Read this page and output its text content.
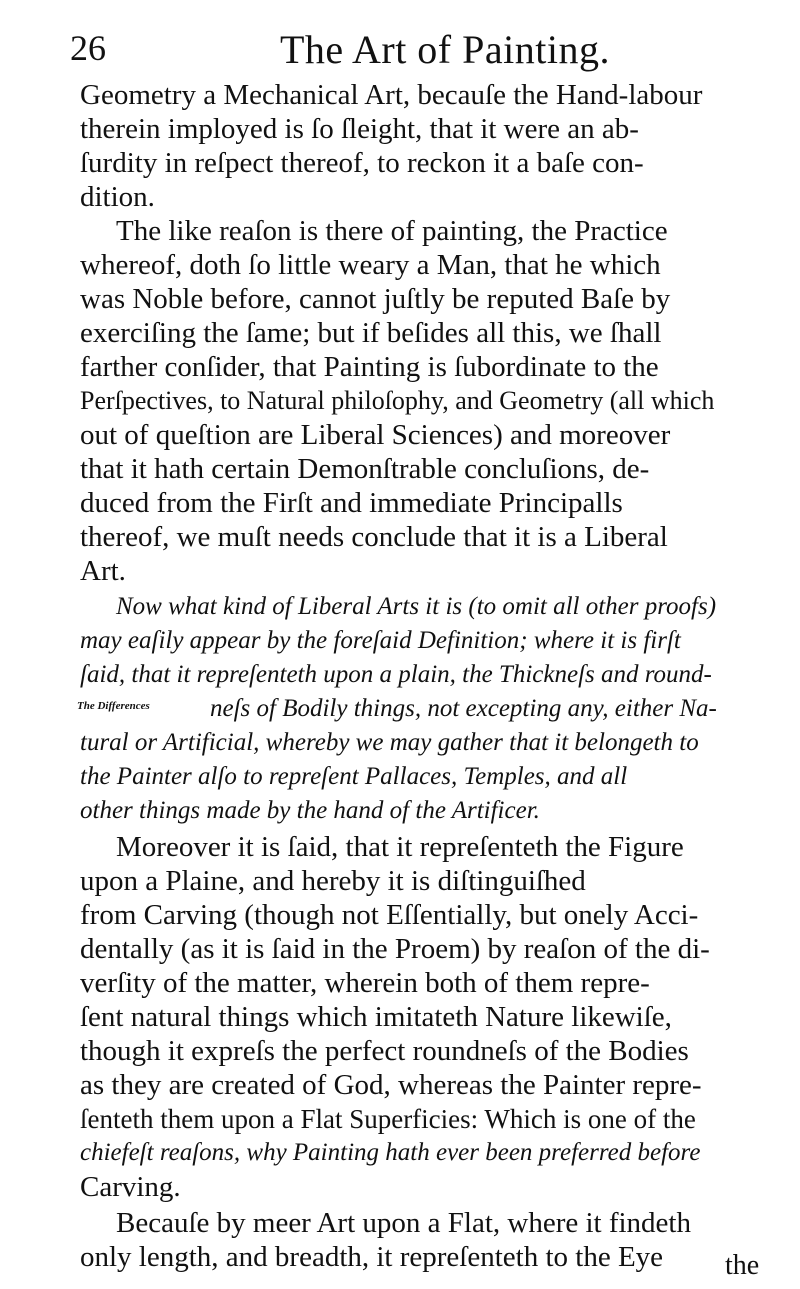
26	The Art of Painting.
Geometry a Mechanical Art, becauſe the Hand-labour
therein imployed is ſo ſleight, that it were an ab-
ſurdity in reſpect thereof, to reckon it a baſe con-
dition.
The like reaſon is there of painting, the Practice
whereof, doth ſo little weary a Man, that he which
was Noble before, cannot juſtly be reputed Baſe by
exerciſing the ſame; but if beſides all this, we ſhall
farther conſider, that Painting is ſubordinate to the
Perſpectives, to Natural philoſophy, and Geometry (all which
out of queſtion are Liberal Sciences) and moreover
that it hath certain Demonſtrable concluſions, de-
duced from the Firſt and immediate Principalls
thereof, we muſt needs conclude that it is a Liberal
Art.
Now what kind of Liberal Arts it is (to omit all other proofs)
may eaſily appear by the foreſaid Definition; where it is firſt
ſaid, that it repreſenteth upon a plain, the Thickneſs and round-
neſs of Bodily things, not excepting any, either Na-
tural or Artificial, whereby we may gather that it belongeth to
the Painter alſo to repreſent Pallaces, Temples, and all
other things made by the hand of the Artificer.
Moreover it is ſaid, that it repreſenteth the Figure
upon a Plaine, and hereby it is diſtinguiſhed
from Carving (though not Eſſentially, but onely Acci-
dentally (as it is ſaid in the Proem) by reaſon of the di-
verſity of the matter, wherein both of them repre-
ſent natural things which imitateth Nature likewiſe,
though it expreſs the perfect roundneſs of the Bodies
as they are created of God, whereas the Painter repre-
ſenteth them upon a Flat Superficies: Which is one of the
chiefeſt reaſons, why Painting hath ever been preferred before
Carving.
Becauſe by meer Art upon a Flat, where it findeth
only length, and breadth, it repreſenteth to the Eye
The Differences
the
